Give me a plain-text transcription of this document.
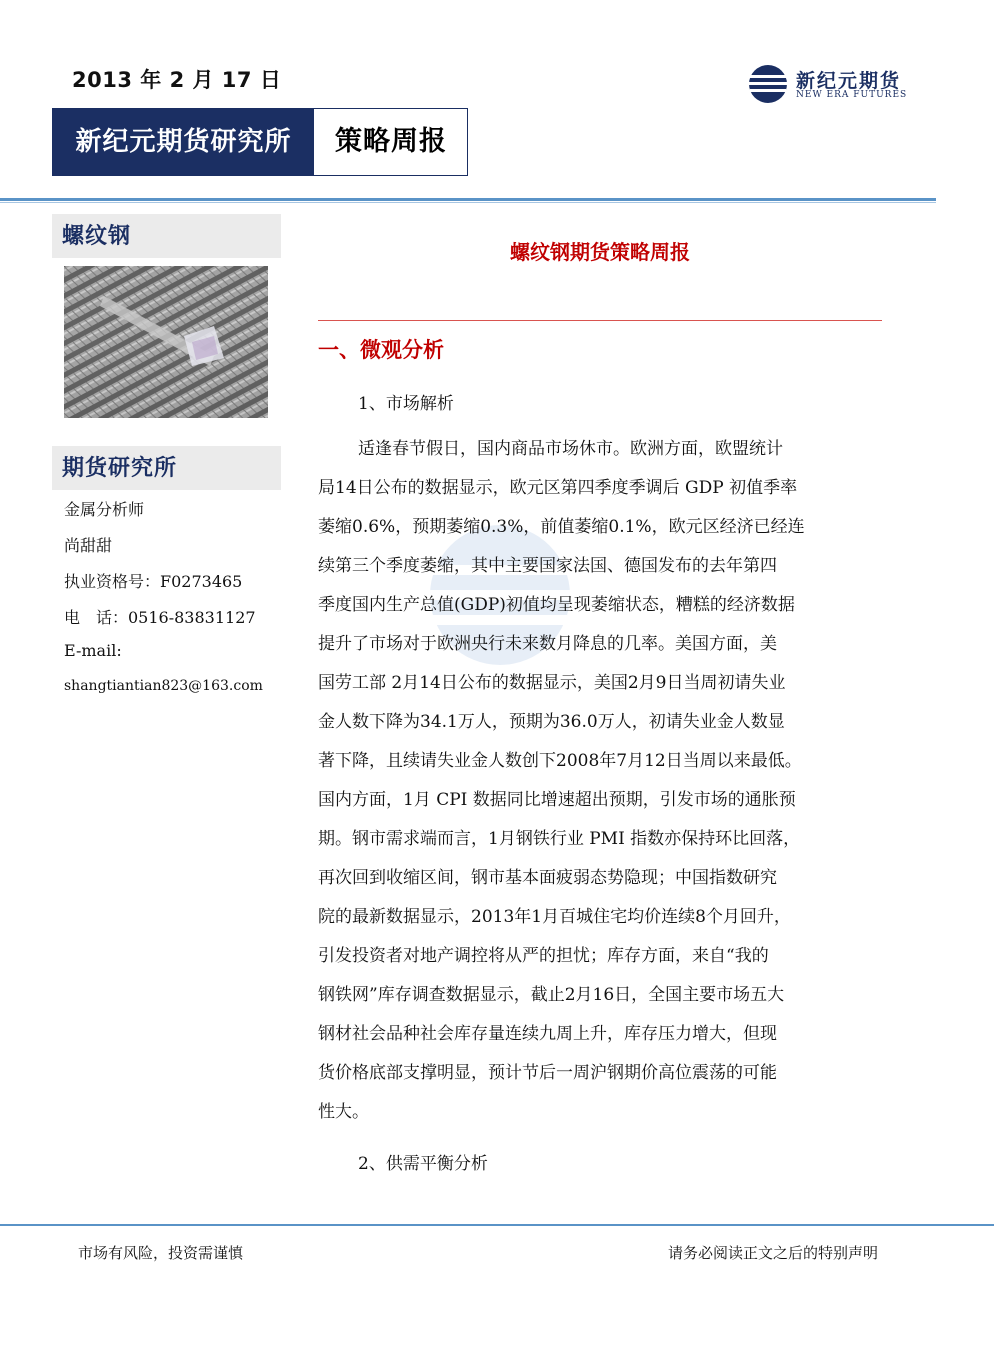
2013 年 2 月 17 日	新纪元期货
NEW ERA FUTURES
新纪元期货研究所	策略周报
螺纹钢
期货研究所
金属分析师
尚甜甜
执业资格号：F0273465
电　话：0516-83831127
E-mail:
shangtiantian823@163.com
螺纹钢期货策略周报
一、微观分析
1、市场解析
适逢春节假日，国内商品市场休市。欧洲方面，欧盟统计
局14日公布的数据显示，欧元区第四季度季调后 GDP 初值季率
萎缩0.6%，预期萎缩0.3%，前值萎缩0.1%，欧元区经济已经连
续第三个季度萎缩，其中主要国家法国、德国发布的去年第四
季度国内生产总值(GDP)初值均呈现萎缩状态，糟糕的经济数据
提升了市场对于欧洲央行未来数月降息的几率。美国方面，美
国劳工部 2月14日公布的数据显示，美国2月9日当周初请失业
金人数下降为34.1万人，预期为36.0万人，初请失业金人数显
著下降，且续请失业金人数创下2008年7月12日当周以来最低。
国内方面，1月 CPI 数据同比增速超出预期，引发市场的通胀预
期。钢市需求端而言，1月钢铁行业 PMI 指数亦保持环比回落，
再次回到收缩区间，钢市基本面疲弱态势隐现；中国指数研究
院的最新数据显示，2013年1月百城住宅均价连续8个月回升，
引发投资者对地产调控将从严的担忧；库存方面，来自“我的
钢铁网”库存调查数据显示，截止2月16日，全国主要市场五大
钢材社会品种社会库存量连续九周上升，库存压力增大，但现
货价格底部支撑明显，预计节后一周沪钢期价高位震荡的可能
性大。
2、供需平衡分析
市场有风险，投资需谨慎	请务必阅读正文之后的特别声明
